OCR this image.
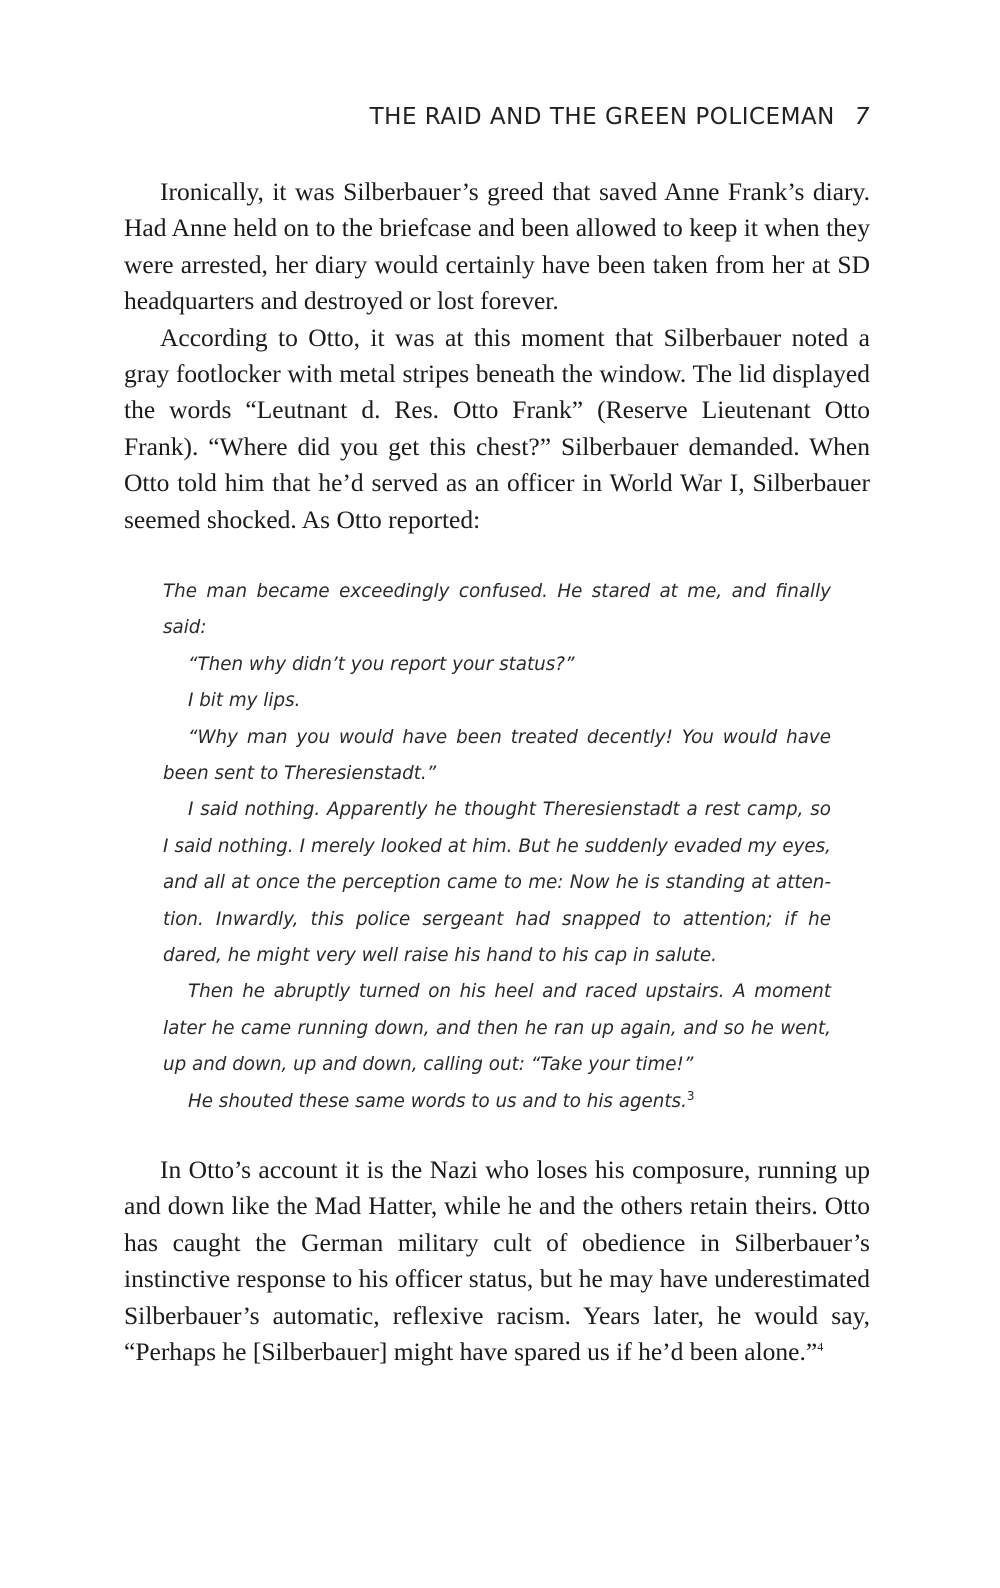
THE RAID AND THE GREEN POLICEMAN 7

Ironically, it was Silberbauer’s greed that saved Anne Frank’s diary. Had Anne held on to the briefcase and been allowed to keep it when they were arrested, her diary would certainly have been taken from her at SD headquarters and destroyed or lost forever.

According to Otto, it was at this moment that Silberbauer noted a gray footlocker with metal stripes beneath the window. The lid displayed the words “Leutnant d. Res. Otto Frank” (Reserve Lieutenant Otto Frank). “Where did you get this chest?” Silberbauer demanded. When Otto told him that he’d served as an officer in World War I, Silberbauer seemed shocked. As Otto reported:

The man became exceedingly confused. He stared at me, and finally said:

“Then why didn’t you report your status?”

I bit my lips.

“Why man you would have been treated decently! You would have been sent to Theresienstadt.”

I said nothing. Apparently he thought Theresienstadt a rest camp, so I said nothing. I merely looked at him. But he suddenly evaded my eyes, and all at once the perception came to me: Now he is standing at attention. Inwardly, this police sergeant had snapped to attention; if he dared, he might very well raise his hand to his cap in salute.

Then he abruptly turned on his heel and raced upstairs. A moment later he came running down, and then he ran up again, and so he went, up and down, up and down, calling out: “Take your time!”

He shouted these same words to us and to his agents.$^3$

In Otto’s account it is the Nazi who loses his composure, running up and down like the Mad Hatter, while he and the others retain theirs. Otto has caught the German military cult of obedience in Silberbauer’s instinctive response to his officer status, but he may have underestimated Silberbauer’s automatic, reflexive racism. Years later, he would say, “Perhaps he [Silberbauer] might have spared us if he’d been alone.”$^4$
